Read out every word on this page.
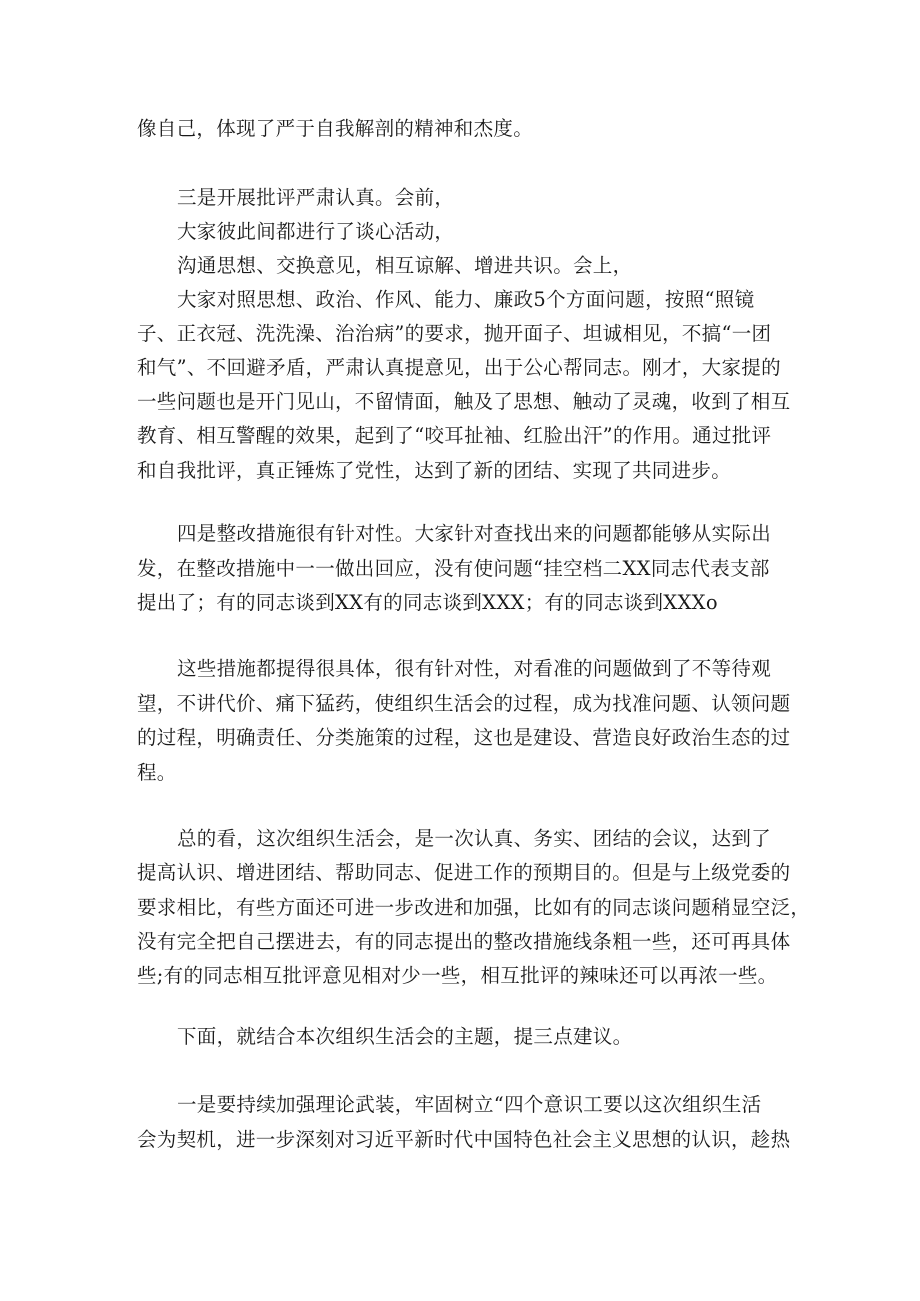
像自己，体现了严于自我解剖的精神和杰度。
三是开展批评严肃认真。会前，
大家彼此间都进行了谈心活动，
沟通思想、交换意见，相互谅解、增进共识。会上，
大家对照思想、政治、作风、能力、廉政5个方面问题，按照“照镜
子、正衣冠、洗洗澡、治治病”的要求，抛开面子、坦诚相见，不搞“一团
和气”、不回避矛盾，严肃认真提意见，出于公心帮同志。刚才，大家提的
一些问题也是开门见山，不留情面，触及了思想、触动了灵魂，收到了相互
教育、相互警醒的效果，起到了“咬耳扯袖、红脸出汗”的作用。通过批评
和自我批评，真正锤炼了党性，达到了新的团结、实现了共同进步。
四是整改措施很有针对性。大家针对查找出来的问题都能够从实际出
发，在整改措施中一一做出回应，没有使问题“挂空档二XX同志代表支部
提出了；有的同志谈到XX有的同志谈到XXX；有的同志谈到XXXo
这些措施都提得很具体，很有针对性，对看准的问题做到了不等待观
望，不讲代价、痛下猛药，使组织生活会的过程，成为找准问题、认领问题
的过程，明确责任、分类施策的过程，这也是建设、营造良好政治生态的过
程。
总的看，这次组织生活会，是一次认真、务实、团结的会议，达到了
提高认识、增进团结、帮助同志、促进工作的预期目的。但是与上级党委的
要求相比，有些方面还可进一步改进和加强，比如有的同志谈问题稍显空泛，
没有完全把自己摆进去，有的同志提出的整改措施线条粗一些，还可再具体
些;有的同志相互批评意见相对少一些，相互批评的辣味还可以再浓一些。
下面，就结合本次组织生活会的主题，提三点建议。
一是要持续加强理论武装，牢固树立“四个意识工要以这次组织生活
会为契机，进一步深刻对习近平新时代中国特色社会主义思想的认识，趁热
